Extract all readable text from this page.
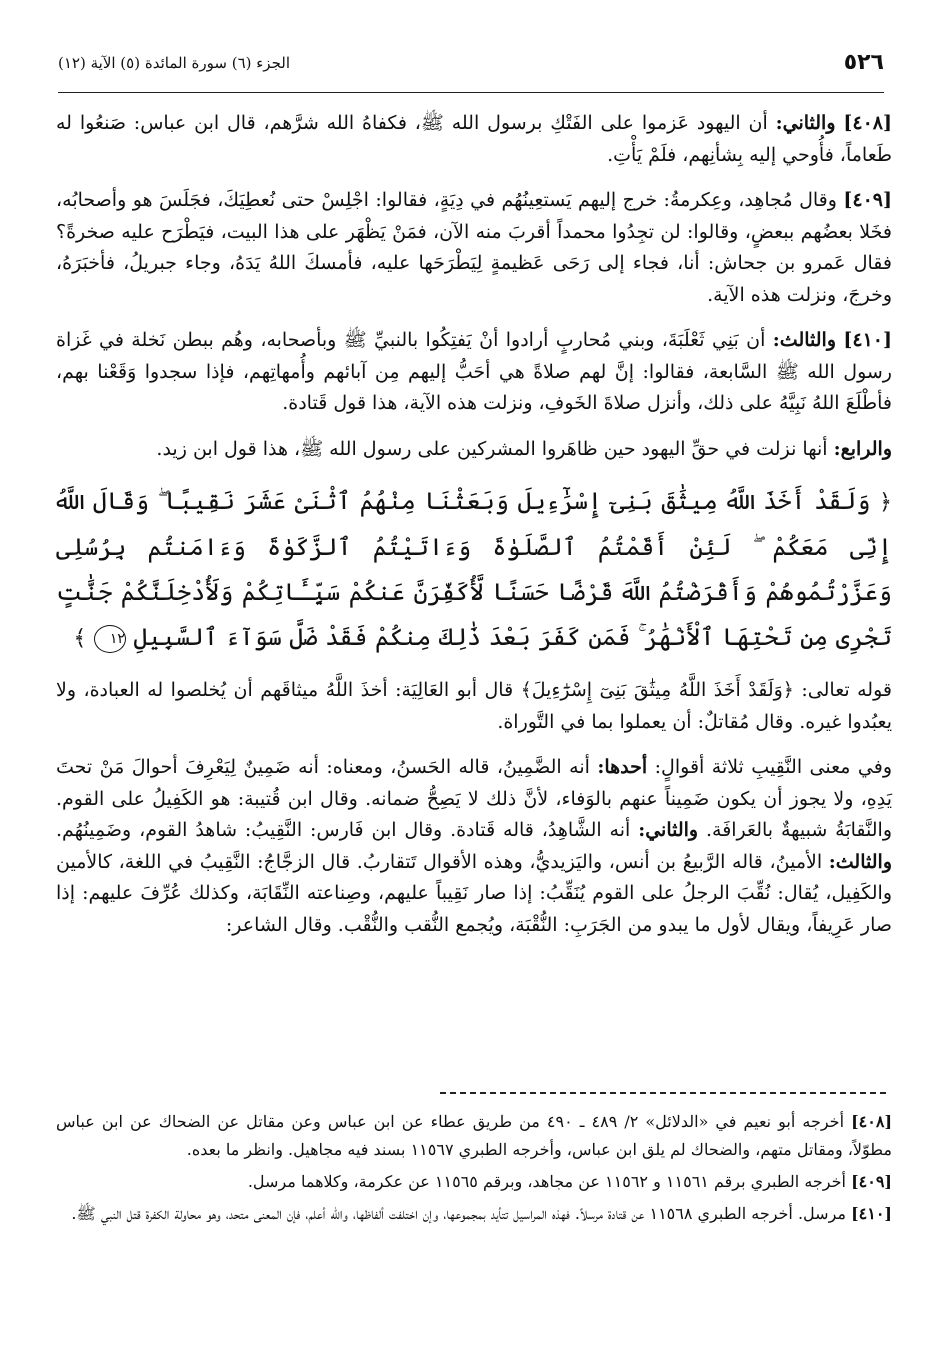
٥٢٦
الجزء (٦) سورة المائدة (٥) الآية (١٢)

[٤٠٨] والثاني: أن اليهود عَزموا على الفَتْكِ برسول الله ﷺ، فكفاهُ الله شرَّهم، قال ابن عباس: صَنعُوا له طَعاماً، فأُوحي إليه بِشأنِهم، فلَمْ يَأْتِ.

[٤٠٩] وقال مُجاهِد، وعِكرمةُ: خرج إليهم يَستعِينُهُم في دِيَةٍ، فقالوا: اجْلِسْ حتى نُعطِيَكَ، فجَلَسَ هو وأصحابُه، فخَلا بعضُهم ببعضٍ، وقالوا: لن تجِدُوا محمداً أقربَ منه الآن، فمَنْ يَظْهَر على هذا البيت، فيَطْرَح عليه صخرةً؟ فقال عَمرو بن جحاش: أنا، فجاء إلى رَحَى عَظيمةٍ لِيَطْرَحَها عليه، فأمسكَ اللهُ يَدَهُ، وجاء جبريلُ، فأخبَرَهُ، وخرجَ، ونزلت هذه الآية.

[٤١٠] والثالث: أن بَنِي ثَعْلَبَةَ، وبني مُحاربٍ أرادوا أنْ يَفتِكُوا بالنبيِّ ﷺ وبأصحابه، وهُم ببطن نَخلة في غَزاة رسول الله ﷺ السَّابعة، فقالوا: إنَّ لهم صلاةً هي أحَبُّ إليهم مِن آبائهم وأُمهاتِهم، فإذا سجدوا وَقَعْنا بهم، فأطْلَعَ اللهُ نَبِيَّهُ على ذلك، وأنزل صلاةَ الخَوفِ، ونزلت هذه الآية، هذا قول قَتادة.

والرابع: أنها نزلت في حقِّ اليهود حين ظاهَروا المشركين على رسول الله ﷺ، هذا قول ابن زيد.

﴿ وَلَقَدْ أَخَذَ اللَّهُ مِيثَٰقَ بَنِىٓ إِسْرَٰٓءِيلَ وَبَعَثْنَا مِنْهُمُ ٱثْنَىْ عَشَرَ نَقِيبًا ۖ وَقَالَ اللَّهُ إِنِّى مَعَكُمْ ۖ لَئِنْ أَقَمْتُمُ ٱلصَّلَوٰةَ وَءَاتَيْتُمُ ٱلزَّكَوٰةَ وَءَامَنتُم بِرُسُلِى وَعَزَّرْتُمُوهُمْ وَأَقْرَضْتُمُ اللَّهَ قَرْضًا حَسَنًا لَّأُكَفِّرَنَّ عَنكُمْ سَيِّـَٔاتِكُمْ وَلَأُدْخِلَنَّكُمْ جَنَّٰتٍ تَجْرِى مِن تَحْتِهَا ٱلْأَنْهَٰرُ ۚ فَمَن كَفَرَ بَعْدَ ذَٰلِكَ مِنكُمْ فَقَدْ ضَلَّ سَوَآءَ ٱلسَّبِيلِ ١٢ ﴾

قوله تعالى: ﴿وَلَقَدْ أَخَذَ اللَّهُ مِيثَٰقَ بَنِىٓ إِسْرَٰٓءِيلَ﴾ قال أبو العَالِيَة: أخذَ اللَّهُ ميثاقَهم أن يُخلصوا له العبادة، ولا يعبُدوا غيره. وقال مُقاتلٌ: أن يعملوا بما في التَّوراة.

وفي معنى النَّقِيبِ ثلاثة أقوالٍ: أحدها: أنه الضَّمِينُ، قاله الحَسنُ، ومعناه: أنه ضَمِينٌ لِيَعْرِفَ أحوالَ مَنْ تحتَ يَدِهِ، ولا يجوز أن يكون ضَمِيناً عنهم بالوَفاء، لأنَّ ذلك لا يَصِحُّ ضمانه. وقال ابن قُتيبة: هو الكَفِيلُ على القوم. والنَّقابَةُ شبيهةٌ بالعَرافَة. والثاني: أنه الشَّاهِدُ، قاله قَتادة. وقال ابن فَارس: النَّقِيبُ: شاهدُ القوم، وضَمِينُهُم. والثالث: الأمينُ، قاله الرَّبيعُ بن أنس، واليَزيديُّ، وهذه الأقوال تَتقاربُ. قال الزجَّاجُ: النَّقِيبُ في اللغة، كالأمين والكَفِيل، يُقال: نُقِّبَ الرجلُ على القوم يُنَقِّبُ: إذا صار نَقِيباً عليهم، وصِناعته النِّقَابَة، وكذلك عُرِّفَ عليهم: إذا صار عَرِيفاً، ويقال لأول ما يبدو من الجَرَبِ: النُّقْبَة، ويُجمع النُّقب والنُّقْب. وقال الشاعر:

[٤٠٨] أخرجه أبو نعيم في «الدلائل» ٢/ ٤٨٩ ـ ٤٩٠ من طريق عطاء عن ابن عباس وعن مقاتل عن الضحاك عن ابن عباس مطوّلاً، ومقاتل متهم، والضحاك لم يلق ابن عباس، وأخرجه الطبري ١١٥٦٧ بسند فيه مجاهيل. وانظر ما بعده.

[٤٠٩] أخرجه الطبري برقم ١١٥٦١ و ١١٥٦٢ عن مجاهد، وبرقم ١١٥٦٥ عن عكرمة، وكلاهما مرسل.

[٤١٠] مرسل. أخرجه الطبري ١١٥٦٨ عن قتادة مرسلاً. فهذه المراسيل تتأيد بمجموعها، وإن اختلفت ألفاظها، والله أعلم، فإن المعنى متحد، وهو محاولة الكفرة قتل النبي ﷺ.
